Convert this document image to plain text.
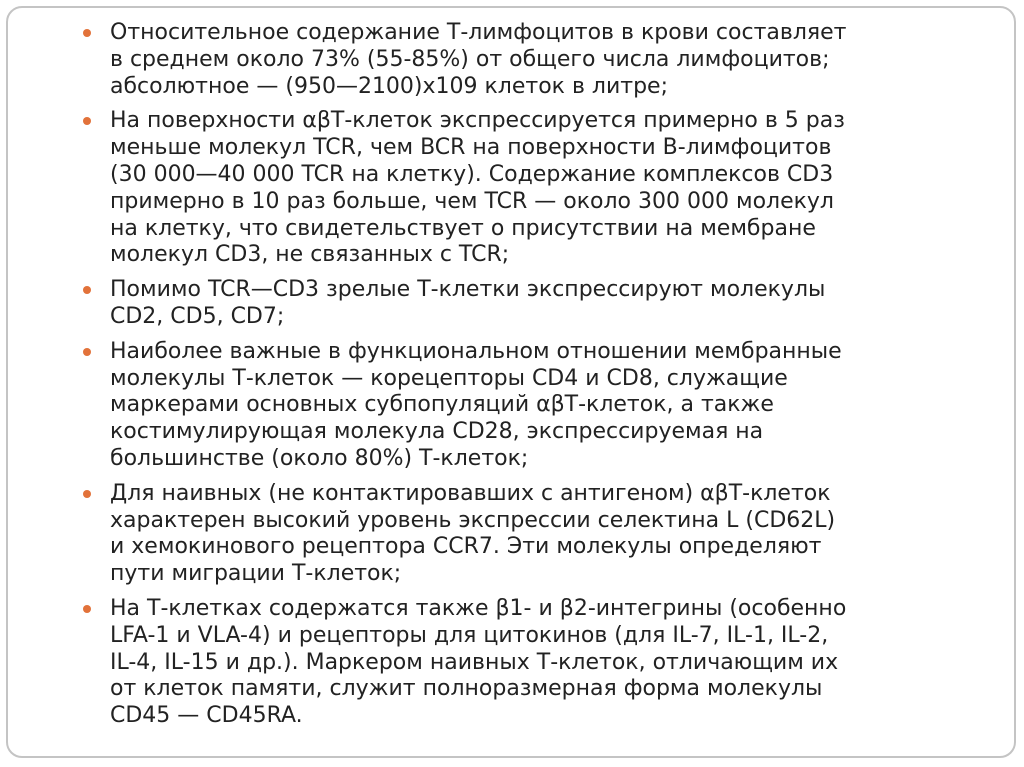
Относительное содержание Т-лимфоцитов в крови составляет
в среднем около 73% (55-85%) от общего числа лимфоцитов;
абсолютное — (950—2100)х109 клеток в литре;
На поверхности αβТ-клеток экспрессируется примерно в 5 раз
меньше молекул TCR, чем BCR на поверхности В-лимфоцитов
(30 000—40 000 TCR на клетку). Содержание комплексов CD3
примерно в 10 раз больше, чем TCR — около 300 000 молекул
на клетку, что свидетельствует о присутствии на мембране
молекул CD3, не связанных с TCR;
Помимо TCR—CD3 зрелые Т-клетки экспрессируют молекулы
CD2, CD5, CD7;
Наиболее важные в функциональном отношении мембранные
молекулы Т-клеток — корецепторы CD4 и CD8, служащие
маркерами основных субпопуляций αβТ-клеток, а также
костимулирующая молекула CD28, экспрессируемая на
большинстве (около 80%) Т-клеток;
Для наивных (не контактировавших с антигеном) αβТ-клеток
характерен высокий уровень экспрессии селектина L (CD62L)
и хемокинового рецептора CCR7. Эти молекулы определяют
пути миграции Т-клеток;
На Т-клетках содержатся также β1- и β2-интегрины (особенно
LFA-1 и VLA-4) и рецепторы для цитокинов (для IL-7, IL-1, IL-2,
IL-4, IL-15 и др.). Маркером наивных Т-клеток, отличающим их
от клеток памяти, служит полноразмерная форма молекулы
CD45 — CD45RA.
